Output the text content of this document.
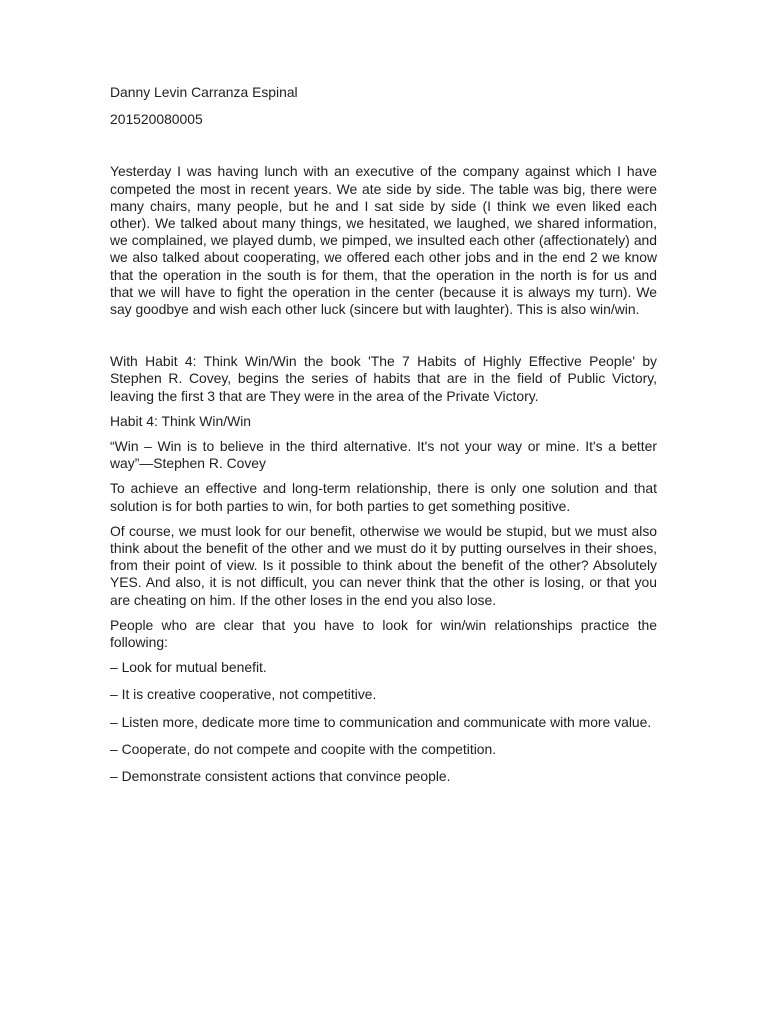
Danny Levin Carranza Espinal

201520080005

Yesterday I was having lunch with an executive of the company against which I have competed the most in recent years. We ate side by side. The table was big, there were many chairs, many people, but he and I sat side by side (I think we even liked each other). We talked about many things, we hesitated, we laughed, we shared information, we complained, we played dumb, we pimped, we insulted each other (affectionately) and we also talked about cooperating, we offered each other jobs and in the end 2 we know that the operation in the south is for them, that the operation in the north is for us and that we will have to fight the operation in the center (because it is always my turn). We say goodbye and wish each other luck (sincere but with laughter). This is also win/win.

With Habit 4: Think Win/Win the book 'The 7 Habits of Highly Effective People' by Stephen R. Covey, begins the series of habits that are in the field of Public Victory, leaving the first 3 that are They were in the area of the Private Victory.

Habit 4: Think Win/Win

“Win – Win is to believe in the third alternative. It's not your way or mine. It's a better way”—Stephen R. Covey

To achieve an effective and long-term relationship, there is only one solution and that solution is for both parties to win, for both parties to get something positive.

Of course, we must look for our benefit, otherwise we would be stupid, but we must also think about the benefit of the other and we must do it by putting ourselves in their shoes, from their point of view. Is it possible to think about the benefit of the other? Absolutely YES. And also, it is not difficult, you can never think that the other is losing, or that you are cheating on him. If the other loses in the end you also lose.

People who are clear that you have to look for win/win relationships practice the following:

– Look for mutual benefit.
– It is creative cooperative, not competitive.
– Listen more, dedicate more time to communication and communicate with more value.
– Cooperate, do not compete and coopite with the competition.
– Demonstrate consistent actions that convince people.
